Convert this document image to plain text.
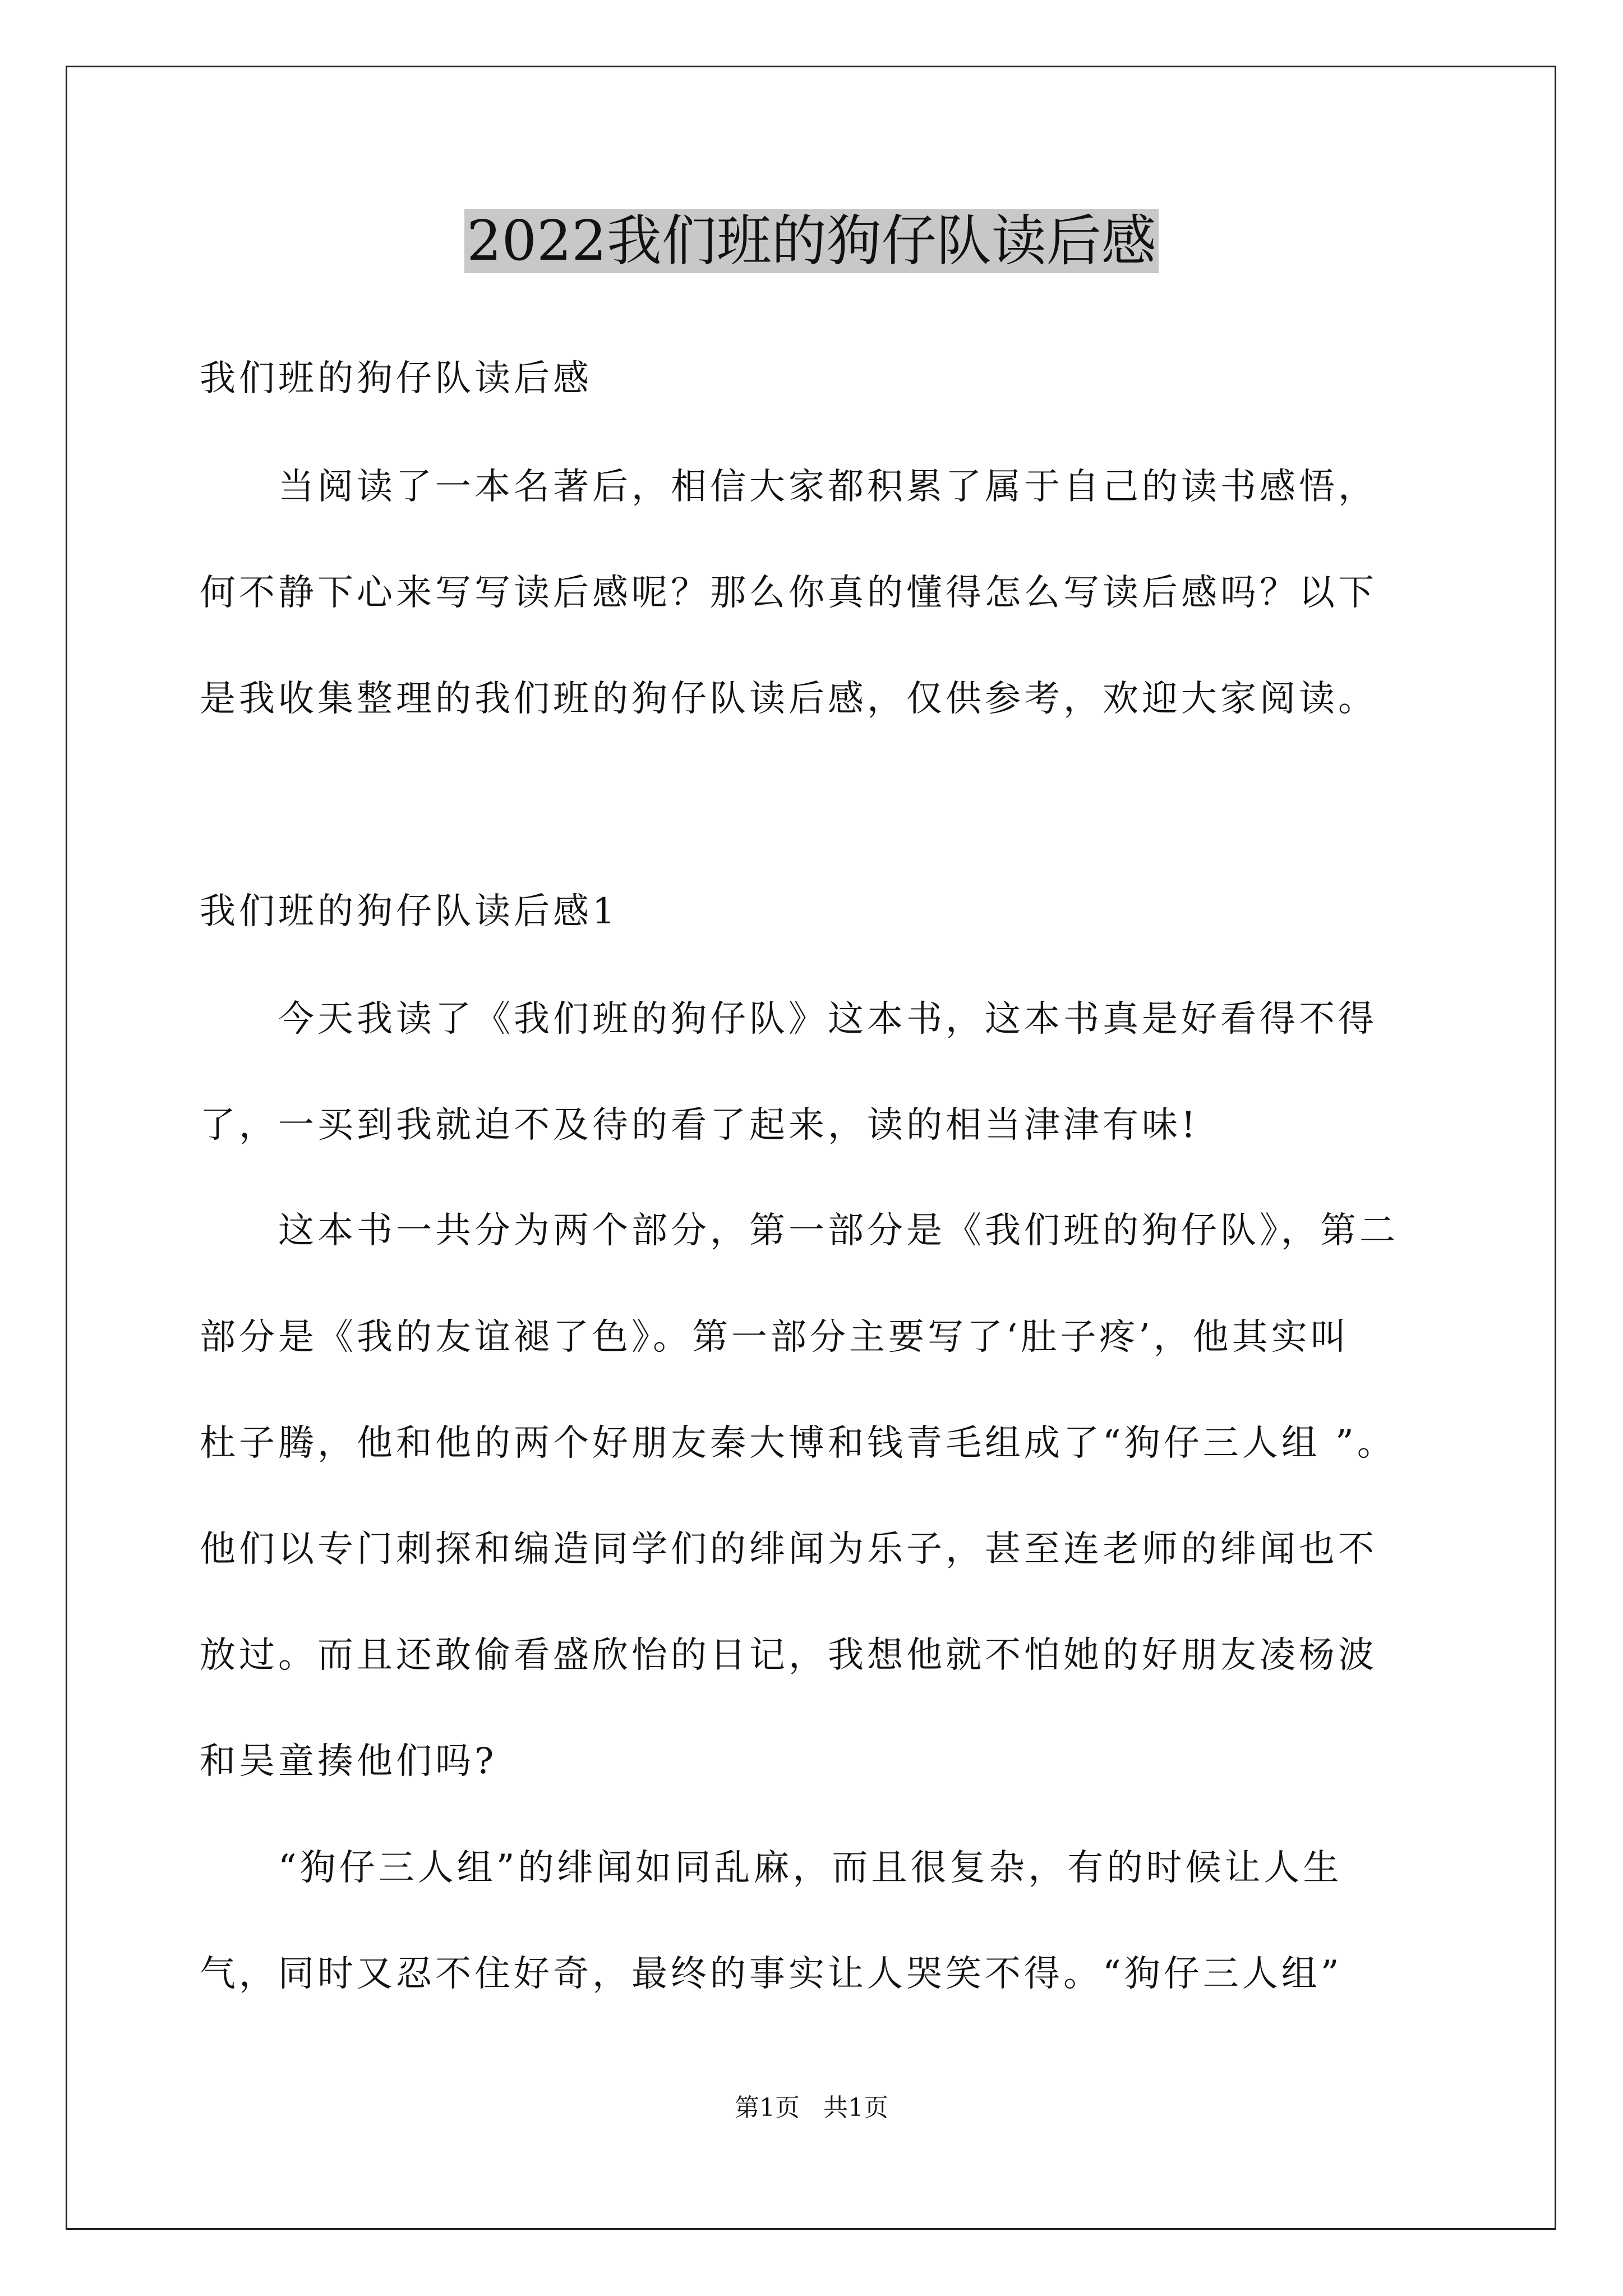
2022我们班的狗仔队读后感
我们班的狗仔队读后感
　　当阅读了一本名著后，相信大家都积累了属于自己的读书感悟，
何不静下心来写写读后感呢？那么你真的懂得怎么写读后感吗？以下
是我收集整理的我们班的狗仔队读后感，仅供参考，欢迎大家阅读。
我们班的狗仔队读后感1
　　今天我读了《我们班的狗仔队》这本书，这本书真是好看得不得
了，一买到我就迫不及待的看了起来，读的相当津津有味!
　　这本书一共分为两个部分，第一部分是《我们班的狗仔队》，第二
部分是《我的友谊褪了色》。第一部分主要写了‘肚子疼’，他其实叫
杜子腾，他和他的两个好朋友秦大博和钱青毛组成了“狗仔三人组 ”。
他们以专门刺探和编造同学们的绯闻为乐子，甚至连老师的绯闻也不
放过。而且还敢偷看盛欣怡的日记，我想他就不怕她的好朋友凌杨波
和吴童揍他们吗?
　　“狗仔三人组”的绯闻如同乱麻，而且很复杂，有的时候让人生
气，同时又忍不住好奇，最终的事实让人哭笑不得。“狗仔三人组”
第1页   共1页
